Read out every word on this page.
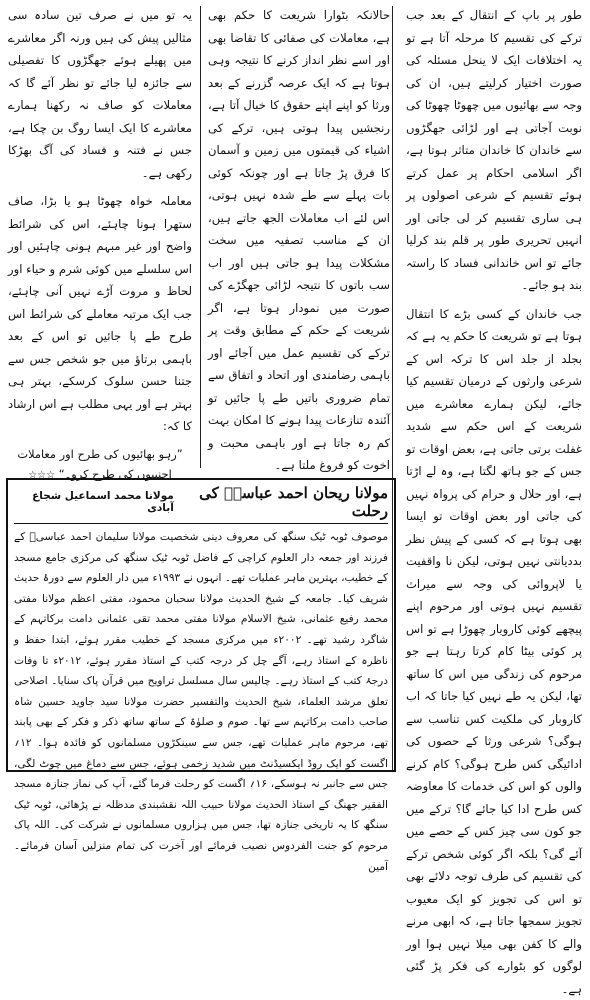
طور پر باپ کے انتقال کے بعد جب ترکے کی تقسیم کا مرحلہ آتا ہے تو یہ اختلافات ایک لا ینحل مسئلہ کی صورت اختیار کرلیتے ہیں، ان کی وجہ سے بھائیوں میں چھوٹا چھوٹا کی نوبت آجاتی ہے اور لڑائی جھگڑوں سے خاندان کا خاندان متاثر ہوتا ہے، اگر اسلامی احکام پر عمل کرتے ہوئے تقسیم کے شرعی اصولوں پر ہی ساری تقسیم کر لی جاتی اور انہیں تحریری طور پر قلم بند کرلیا جائے تو اس خاندانی فساد کا راستہ بند ہو جائے۔

جب خاندان کے کسی بڑے کا انتقال ہوتا ہے تو شریعت کا حکم یہ ہے کہ بجلد از جلد اس کا ترکہ اس کے شرعی وارثوں کے درمیان تقسیم کیا جائے، لیکن ہمارے معاشرے میں شریعت کے اس حکم سے شدید غفلت برتی جاتی ہے، بعض اوقات تو جس کے جو ہاتھ لگتا ہے، وہ لے اڑتا ہے، اور حلال و حرام کی پرواہ نہیں کی جاتی اور بعض اوقات تو ایسا بھی ہوتا ہے کہ کسی کے پیش نظر بددیانتی نہیں ہوتی، لیکن نا واقفیت یا لاپروائی کی وجہ سے میراث تقسیم نہیں ہوتی اور مرحوم اپنے پیچھے کوئی کاروبار چھوڑا ہے تو اس پر کوئی بیٹا کام کرتا رہتا ہے جو مرحوم کی زندگی میں اس کا ساتھ تھا، لیکن یہ طے نہیں کیا جاتا کہ اب کاروبار کی ملکیت کس تناسب سے ہوگی؟ شرعی ورثا کے حصوں کی ادائیگی کس طرح ہوگی؟ کام کرنے والوں کو اس کی خدمات کا معاوضہ کس طرح ادا کیا جائے گا؟ ترکے میں جو کون سی چیز کس کے حصے میں آئے گی؟ بلکہ اگر کوئی شخص ترکے کی تقسیم کی طرف توجہ دلائے بھی تو اس کی تجویز کو ایک معیوب تجویز سمجھا جاتا ہے، کہ ابھی مرنے والے کا کفن بھی میلا نہیں ہوا اور لوگوں کو بٹوارے کی فکر پڑ گئی ہے۔

حالانکہ بٹوارا شریعت کا حکم بھی ہے، معاملات کی صفائی کا تقاضا بھی اور اسے نظر انداز کرنے کا نتیجہ وہی ہوتا ہے کہ ایک عرصہ گزرنے کے بعد ورثا کو اپنے اپنے حقوق کا خیال آتا ہے، رنجشیں پیدا ہوتی ہیں، ترکے کی اشیاء کی قیمتوں میں زمین و آسمان کا فرق پڑ جاتا ہے اور چونکہ کوئی بات پہلے سے طے شدہ نہیں ہوتی، اس لئے اب معاملات الجھ جاتے ہیں، ان کے مناسب تصفیہ میں سخت مشکلات پیدا ہو جاتی ہیں اور اب سب باتوں کا نتیجہ لڑائی جھگڑے کی صورت میں نمودار ہوتا ہے، اگر شریعت کے حکم کے مطابق وقت پر ترکے کی تقسیم عمل میں آجائے اور باہمی رضامندی اور اتحاد و اتفاق سے تمام ضروری باتیں طے پا جائیں تو آئندہ تنازعات پیدا ہونے کا امکان بہت کم رہ جاتا ہے اور باہمی محبت و اخوت کو فروغ ملتا ہے۔

یہ تو میں نے صرف تین سادہ سی مثالیں پیش کی ہیں ورنہ اگر معاشرے میں پھیلے ہوئے جھگڑوں کا تفصیلی سے جائزہ لیا جائے تو نظر آئے گا کہ معاملات کو صاف نہ رکھنا ہمارے معاشرے کا ایک ایسا روگ بن چکا ہے، جس نے فتنہ و فساد کی آگ بھڑکا رکھی ہے۔

معاملہ خواہ چھوٹا ہو یا بڑا، صاف ستھرا ہونا چاہئے، اس کی شرائط واضح اور غیر مبہم ہونی چاہئیں اور اس سلسلے میں کوئی شرم و حیاء اور لحاظ و مروت آڑے نہیں آنی چاہئے، جب ایک مرتبہ معاملے کی شرائط اس طرح طے پا جائیں تو اس کے بعد باہمی برتاؤ میں جو شخص جس سے جتنا حسن سلوک کرسکے، بہتر ہی بہتر ہے اور یہی مطلب ہے اس ارشاد کا کہ:

”رہو بھائیوں کی طرح اور معاملات
اجنبیوں کی طرح کرو۔“ ☆☆☆
مولانا ریحان احمد عباسیؒ کی رحلت
مولانا محمد اسماعیل شجاع آبادی
موصوف ٹوبہ ٹیک سنگھ کی معروف دینی شخصیت مولانا سلیمان احمد عباسیؒ کے فرزند اور جمعہ دار العلوم کراچی کے فاضل ٹوبہ ٹیک سنگھ کی مرکزی جامع مسجد کے خطیب، بہترین ماہر عملیات تھے۔ انہوں نے ۱۹۹۳ء میں دار العلوم سے دورۂ حدیث شریف کیا۔ جامعہ کے شیخ الحدیث مولانا سحبان محمود، مفتی اعظم مولانا مفتی محمد رفیع عثمانی، شیخ الاسلام مولانا مفتی محمد تقی عثمانی دامت برکاتہم کے شاگرد رشید تھے۔ ۲۰۰۲ء میں مرکزی مسجد کے خطیب مقرر ہوئے، ابتدا حفظ و ناظرہ کے استاذ رہے، آگے چل کر درجہ کتب کے استاذ مقرر ہوئے، ۲۰۱۲ء تا وفات درجۂ کتب کے استاذ رہے۔ چالیس سال مسلسل تراویح میں قرآن پاک سنایا۔ اصلاحی تعلق مرشد العلماء، شیخ الحدیث والتفسیر حضرت مولانا سید جاوید حسین شاہ صاحب دامت برکاتہم سے تھا۔ صوم و صلوٰۃ کے ساتھ ساتھ ذکر و فکر کے بھی پابند تھے، مرحوم ماہر عملیات تھے، جس سے سینکڑوں مسلمانوں کو فائدہ ہوا۔ ۱۲؍ اگست کو ایک روڈ ایکسیڈنٹ میں شدید زخمی ہوئے، جس سے دماغ میں چوٹ لگی، جس سے جانبر نہ ہوسکے، ۱۶؍ اگست کو رحلت فرما گئے، آپ کی نماز جنازہ مسجد الفقیر جھنگ کے استاذ الحدیث مولانا حبیب اللہ نقشبندی مدظلہ نے پڑھائی، ٹوبہ ٹیک سنگھ کا یہ تاریخی جنازہ تھا، جس میں ہزاروں مسلمانوں نے شرکت کی۔ اللہ پاک مرحوم کو جنت الفردوس نصیب فرمائے اور آخرت کی تمام منزلیں آسان فرمائے۔ آمین
